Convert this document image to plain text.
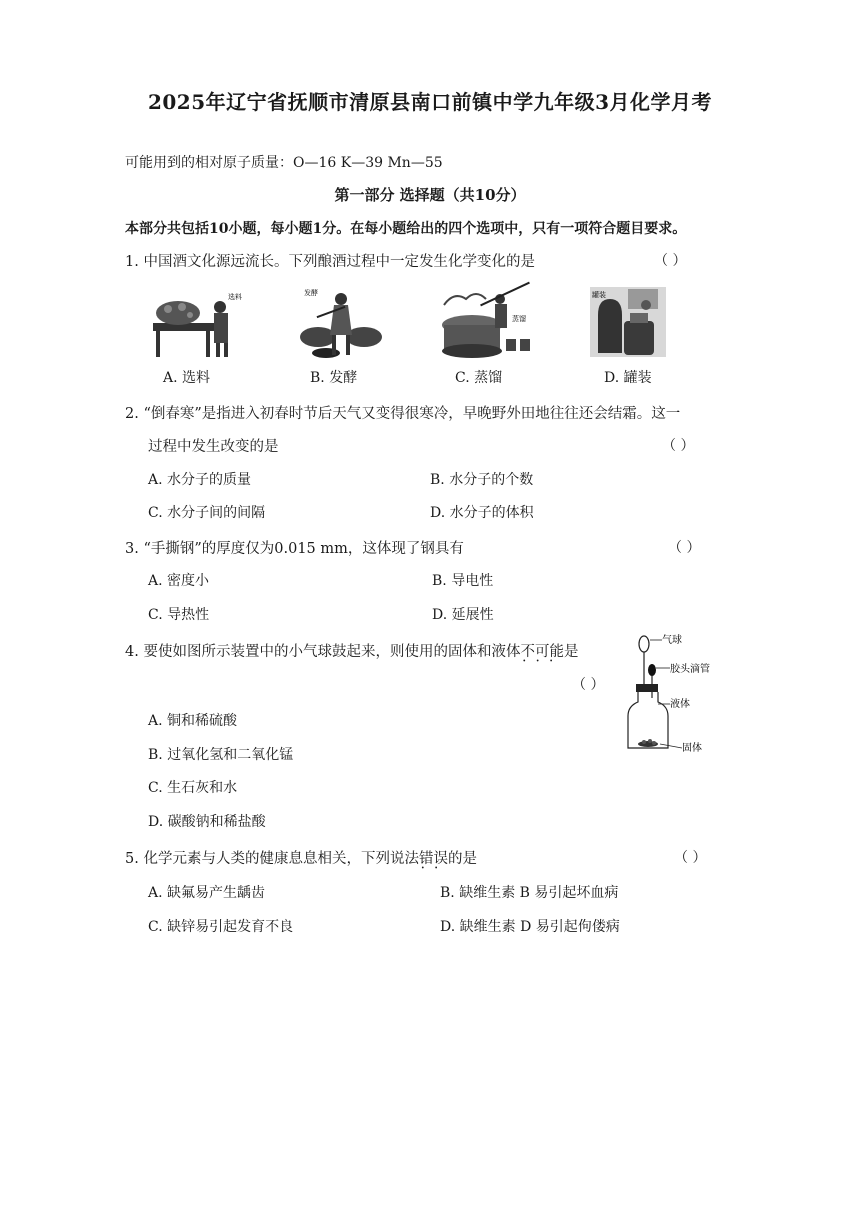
2025年辽宁省抚顺市清原县南口前镇中学九年级3月化学月考
可能用到的相对原子质量：O—16 K—39 Mn—55
第一部分 选择题（共10分）
本部分共包括10小题，每小题1分。在每小题给出的四个选项中，只有一项符合题目要求。
1. 中国酒文化源远流长。下列酿酒过程中一定发生化学变化的是	（ ）
选料	发酵
蒸馏
罐装
A. 选料	B. 发酵	C. 蒸馏	D. 罐装
2. “倒春寒”是指进入初春时节后天气又变得很寒冷，早晚野外田地往往还会结霜。这一
过程中发生改变的是	（ ）
A. 水分子的质量	B. 水分子的个数
C. 水分子间的间隔	D. 水分子的体积
3. “手撕钢”的厚度仅为0.015 mm，这体现了钢具有	（ ）
A. 密度小	B. 导电性
C. 导热性	D. 延展性
4. 要使如图所示装置中的小气球鼓起来，则使用的固体和液体不可能 • • •是
（ ）
气球
胶头滴管
液体
固体
A. 铜和稀硫酸
B. 过氧化氢和二氧化锰
C. 生石灰和水
D. 碳酸钠和稀盐酸
5. 化学元素与人类的健康息息相关，下列说法错误 • •的是	（ ）
A. 缺氟易产生龋齿	B. 缺维生素 B 易引起坏血病
C. 缺锌易引起发育不良	D. 缺维生素 D 易引起佝偻病
